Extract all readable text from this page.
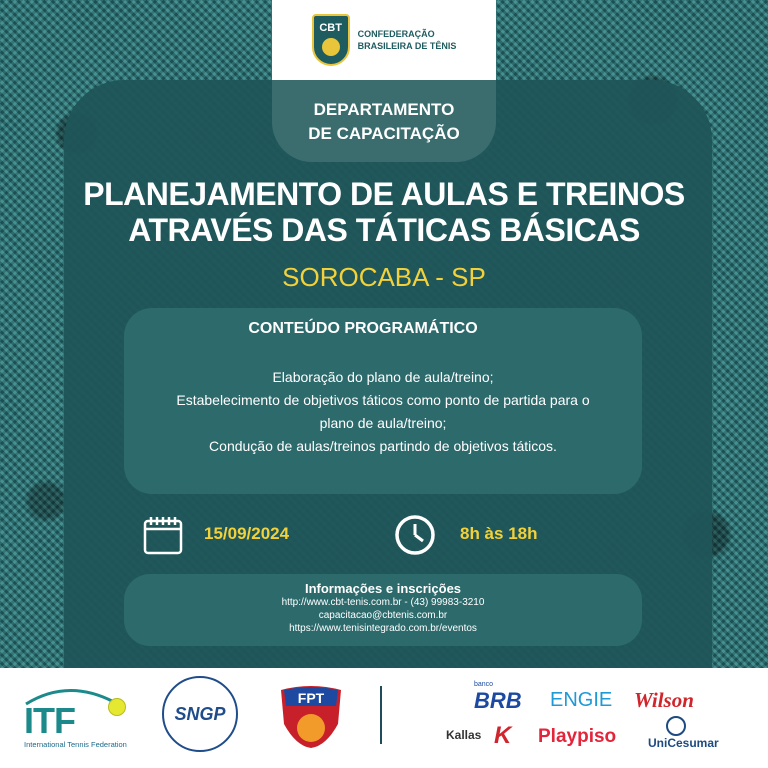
CBT CONFEDERAÇÃO
BRASILEIRA DE TÊNIS
DEPARTAMENTO
DE CAPACITAÇÃO
PLANEJAMENTO DE AULAS E TREINOS
ATRAVÉS DAS TÁTICAS BÁSICAS
SOROCABA - SP
CONTEÚDO PROGRAMÁTICO
Elaboração do plano de aula/treino;
Estabelecimento de objetivos táticos como ponto de partida para o
plano de aula/treino;
Condução de aulas/treinos partindo de objetivos táticos.
15/09/2024	8h às 18h
Informações e inscrições
http://www.cbt-tenis.com.br - (43) 99983-3210
capacitacao@cbtenis.com.br
https://www.tenisintegrado.com.br/eventos
ITF
International Tennis Federation
SNGP
FPT
banco
BRB ENGIE Wilson
Kallas K Playpiso	UniCesumar
